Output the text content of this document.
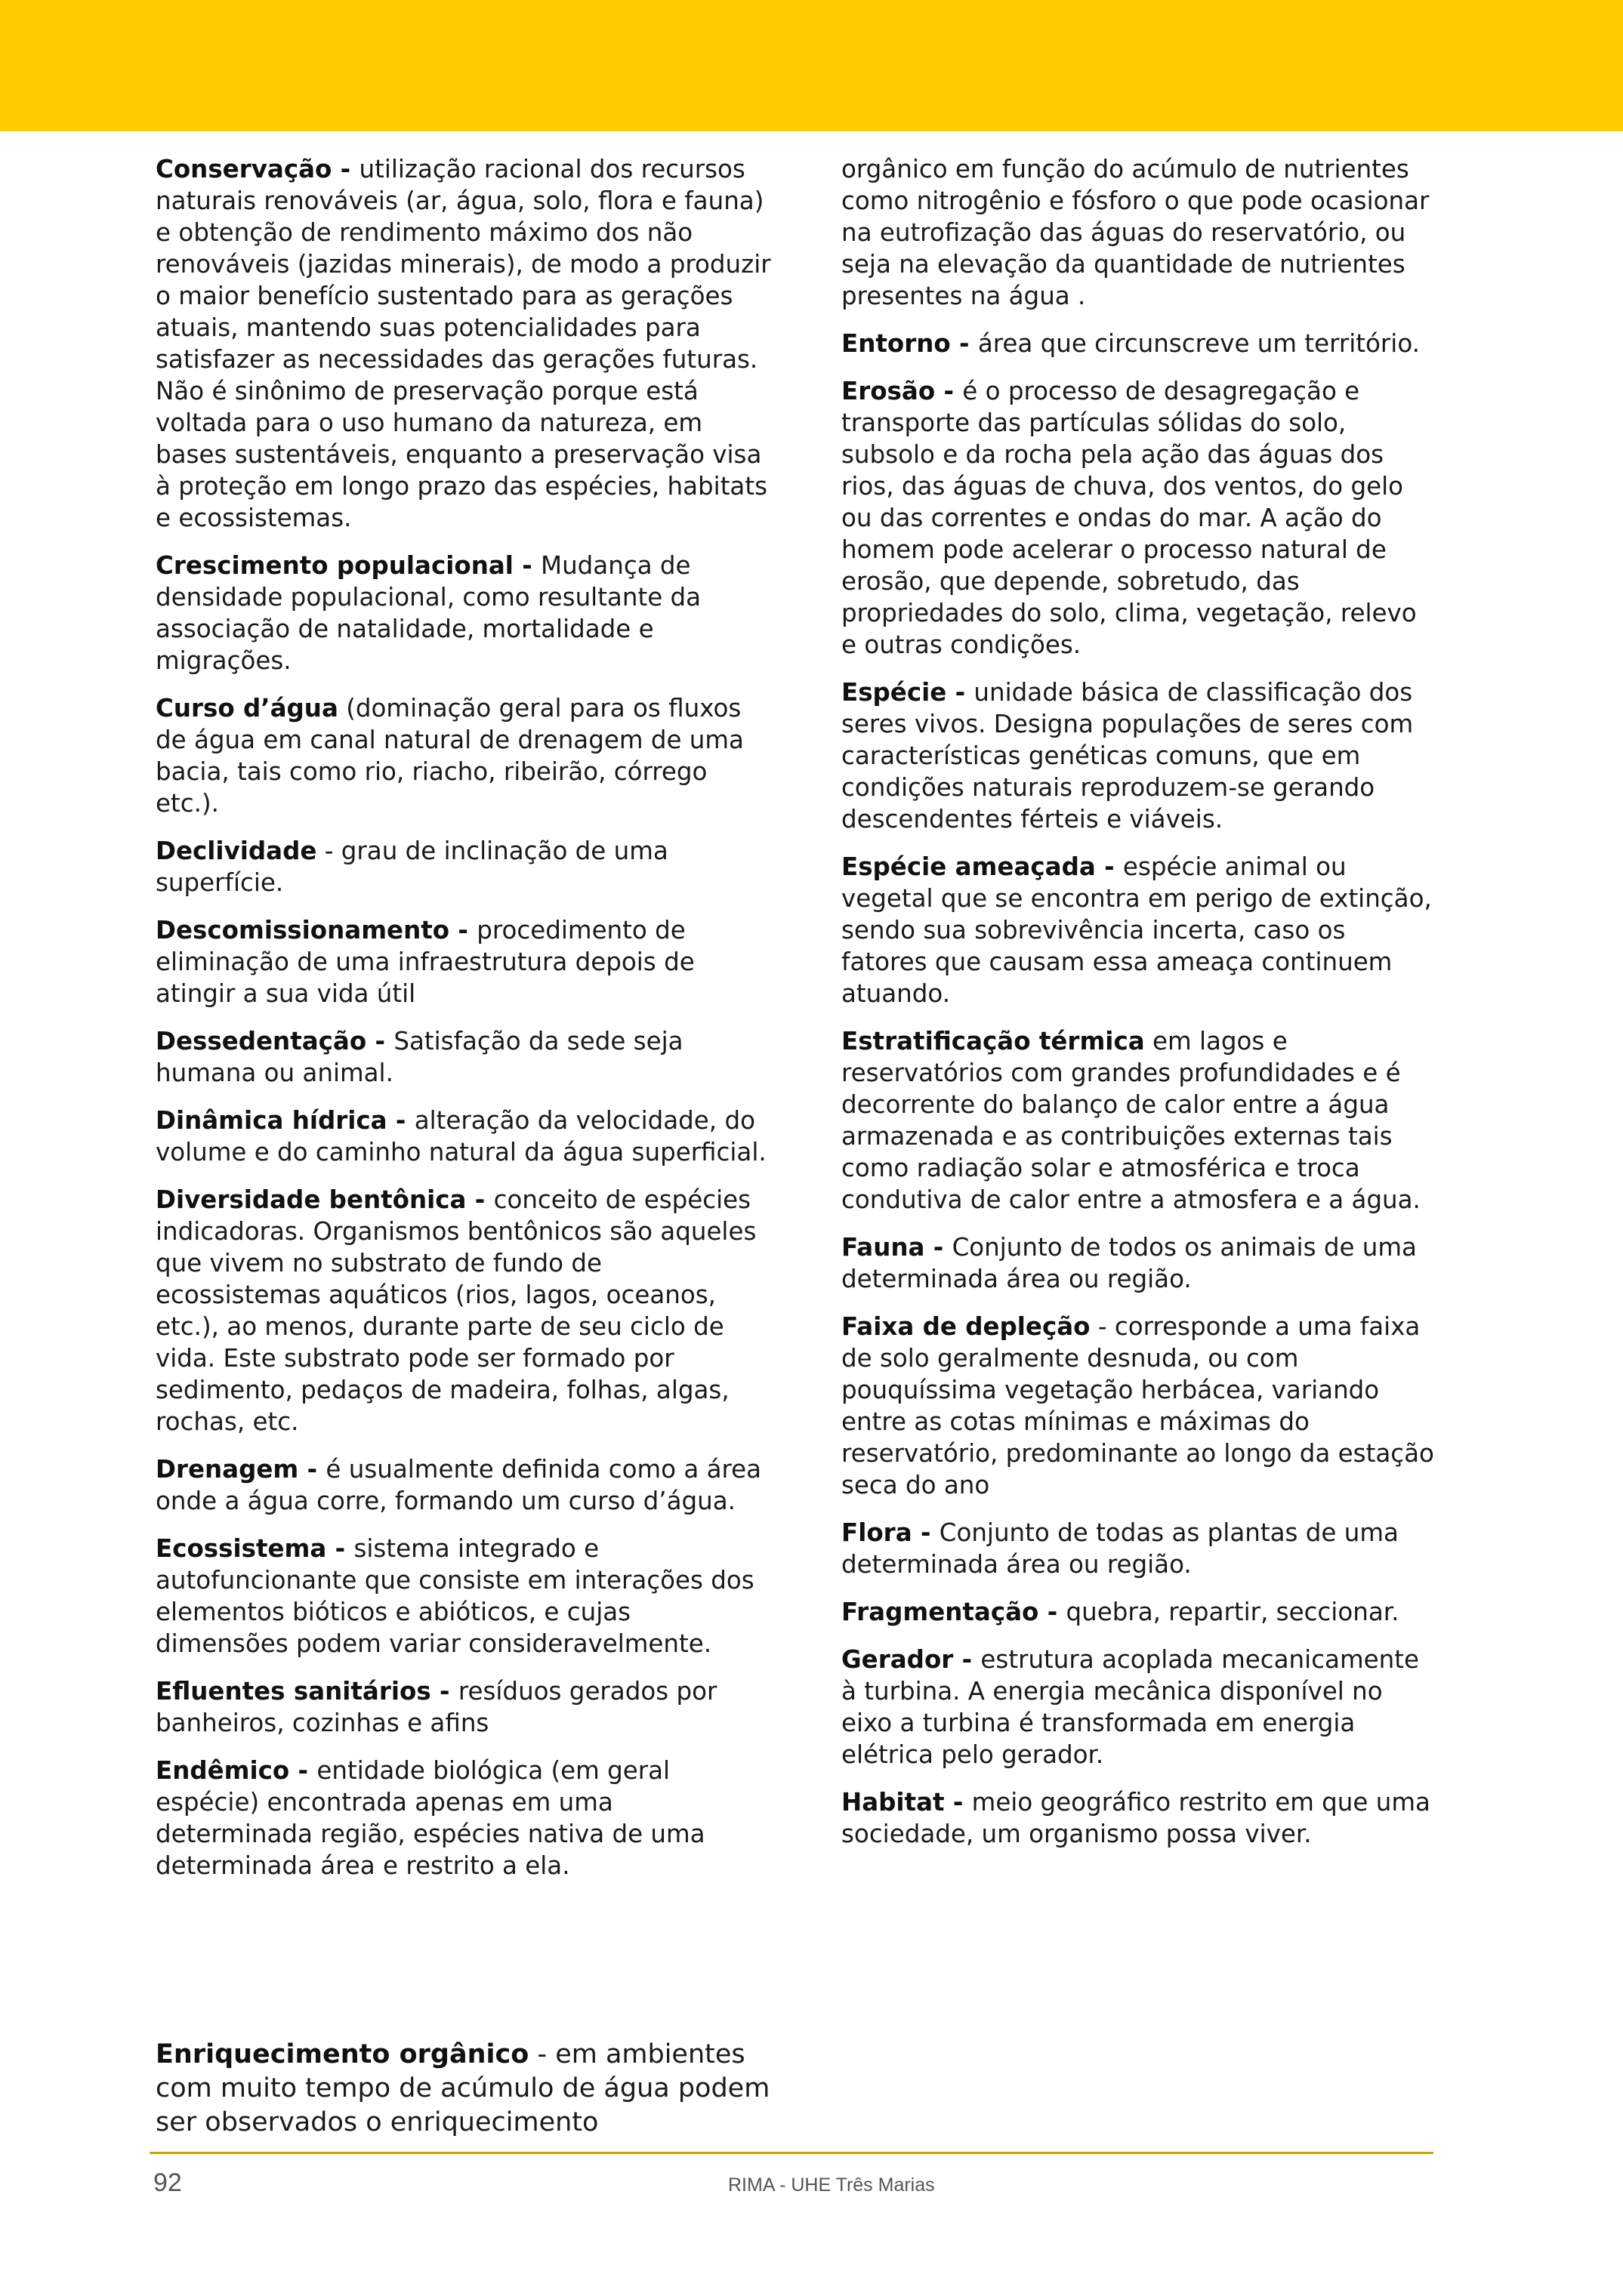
Conservação - utilização racional dos recursos naturais renováveis (ar, água, solo, flora e fauna) e obtenção de rendimento máximo dos não renováveis (jazidas minerais), de modo a produzir o maior benefício sustentado para as gerações atuais, mantendo suas potencialidades para satisfazer as necessidades das gerações futuras. Não é sinônimo de preservação porque está voltada para o uso humano da natureza, em bases sustentáveis, enquanto a preservação visa à proteção em longo prazo das espécies, habitats e ecossistemas.

Crescimento populacional - Mudança de densidade populacional, como resultante da associação de natalidade, mortalidade e migrações.

Curso d’água (dominação geral para os fluxos de água em canal natural de drenagem de uma bacia, tais como rio, riacho, ribeirão, córrego etc.).

Declividade - grau de inclinação de uma superfície.

Descomissionamento - procedimento de eliminação de uma infraestrutura depois de atingir a sua vida útil

Dessedentação - Satisfação da sede seja humana ou animal.

Dinâmica hídrica - alteração da velocidade, do volume e do caminho natural da água superficial.

Diversidade bentônica - conceito de espécies indicadoras. Organismos bentônicos são aqueles que vivem no substrato de fundo de ecossistemas aquáticos (rios, lagos, oceanos, etc.), ao menos, durante parte de seu ciclo de vida. Este substrato pode ser formado por sedimento, pedaços de madeira, folhas, algas, rochas, etc.

Drenagem - é usualmente definida como a área onde a água corre, formando um curso d’água.

Ecossistema - sistema integrado e autofuncionante que consiste em interações dos elementos bióticos e abióticos, e cujas dimensões podem variar consideravelmente.

Efluentes sanitários - resíduos gerados por banheiros, cozinhas e afins

Endêmico - entidade biológica (em geral espécie) encontrada apenas em uma determinada região, espécies nativa de uma determinada área e restrito a ela.

Enriquecimento orgânico - em ambientes com muito tempo de acúmulo de água podem ser observados o enriquecimento

orgânico em função do acúmulo de nutrientes como nitrogênio e fósforo o que pode ocasionar na eutrofização das águas do reservatório, ou seja na elevação da quantidade de nutrientes presentes na água .

Entorno - área que circunscreve um território.

Erosão - é o processo de desagregação e transporte das partículas sólidas do solo, subsolo e da rocha pela ação das águas dos rios, das águas de chuva, dos ventos, do gelo ou das correntes e ondas do mar. A ação do homem pode acelerar o processo natural de erosão, que depende, sobretudo, das propriedades do solo, clima, vegetação, relevo e outras condições.

Espécie - unidade básica de classificação dos seres vivos. Designa populações de seres com características genéticas comuns, que em condições naturais reproduzem-se gerando descendentes férteis e viáveis.

Espécie ameaçada - espécie animal ou vegetal que se encontra em perigo de extinção, sendo sua sobrevivência incerta, caso os fatores que causam essa ameaça continuem atuando.

Estratificação térmica em lagos e reservatórios com grandes profundidades e é decorrente do balanço de calor entre a água armazenada e as contribuições externas tais como radiação solar e atmosférica e troca condutiva de calor entre a atmosfera e a água.

Fauna - Conjunto de todos os animais de uma determinada área ou região.

Faixa de depleção - corresponde a uma faixa de solo geralmente desnuda, ou com pouquíssima vegetação herbácea, variando entre as cotas mínimas e máximas do reservatório, predominante ao longo da estação seca do ano

Flora - Conjunto de todas as plantas de uma determinada área ou região.

Fragmentação - quebra, repartir, seccionar.

Gerador - estrutura acoplada mecanicamente à turbina. A energia mecânica disponível no eixo a turbina é transformada em energia elétrica pelo gerador.

Habitat - meio geográfico restrito em que uma sociedade, um organismo possa viver.

92	RIMA - UHE Três Marias
